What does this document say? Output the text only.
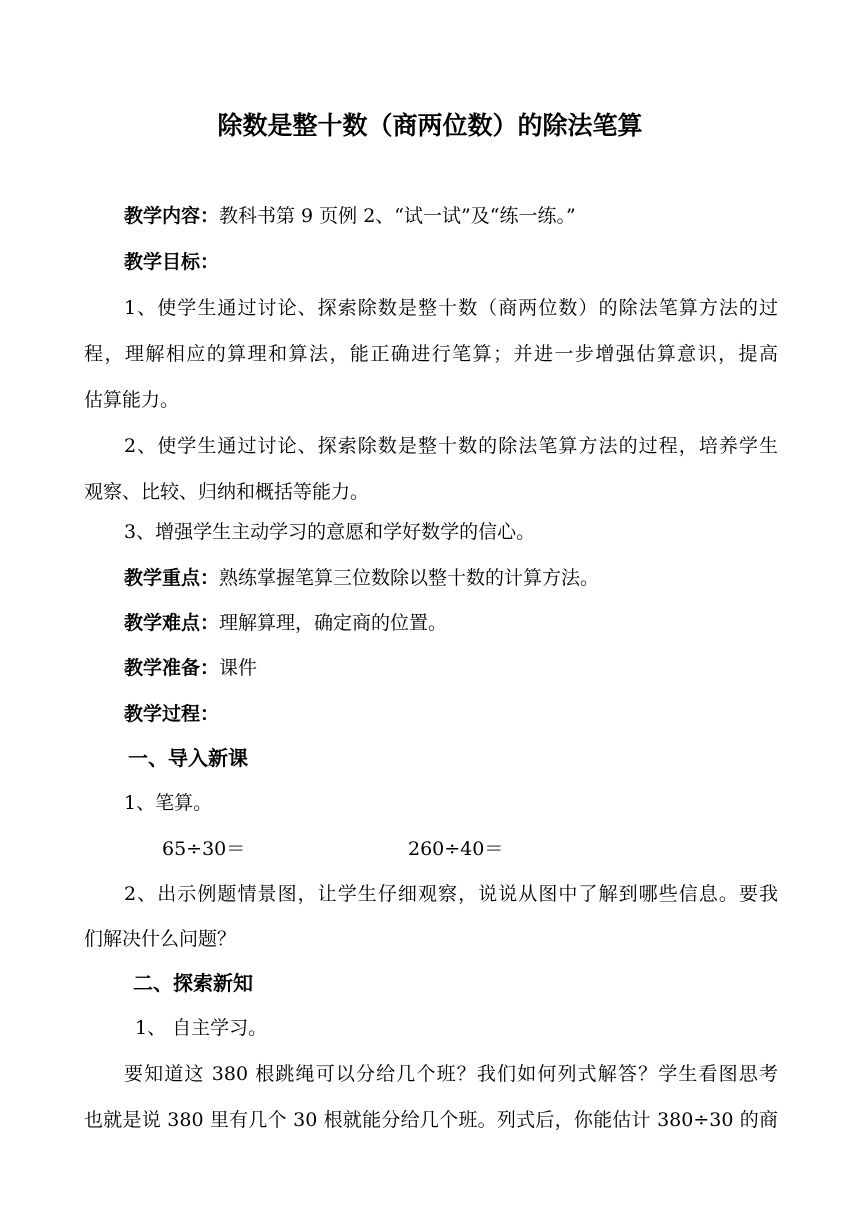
除数是整十数（商两位数）的除法笔算
教学内容：教科书第 9 页例 2、“试一试”及“练一练。”
教学目标：
1、使学生通过讨论、探索除数是整十数（商两位数）的除法笔算方法的过
程，理解相应的算理和算法，能正确进行笔算；并进一步增强估算意识，提高
估算能力。
2、使学生通过讨论、探索除数是整十数的除法笔算方法的过程，培养学生
观察、比较、归纳和概括等能力。
3、增强学生主动学习的意愿和学好数学的信心。
教学重点：熟练掌握笔算三位数除以整十数的计算方法。
教学难点：理解算理，确定商的位置。
教学准备：课件
教学过程：
一、导入新课
1、笔算。
65÷30＝	260÷40＝
2、出示例题情景图，让学生仔细观察，说说从图中了解到哪些信息。要我
们解决什么问题？
二、探索新知
1、 自主学习。
要知道这 380 根跳绳可以分给几个班？我们如何列式解答？学生看图思考
也就是说 380 里有几个 30 根就能分给几个班。列式后，你能估计 380÷30 的商
